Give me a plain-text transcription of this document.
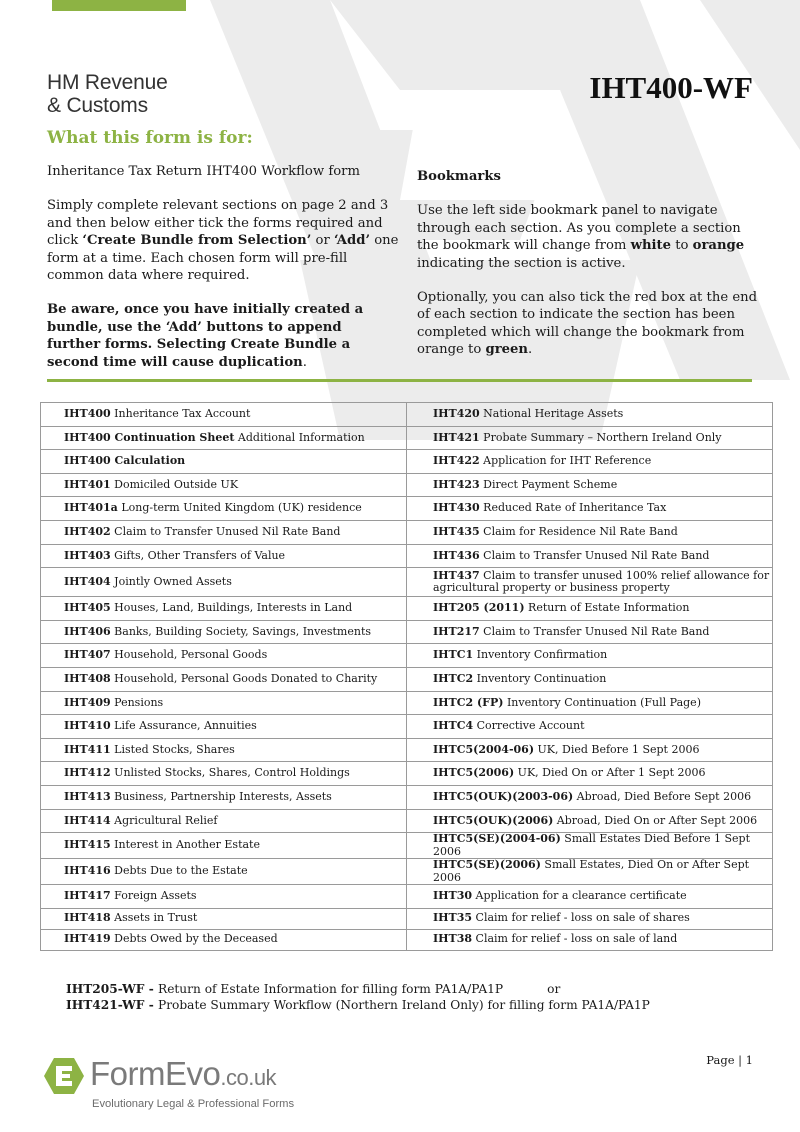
HM Revenue
& Customs
IHT400-WF
What this form is for:

Inheritance Tax Return IHT400 Workflow form

Simply complete relevant sections on page 2 and 3 and then below either tick the forms required and click ‘Create Bundle from Selection’ or ‘Add’ one form at a time. Each chosen form will pre-fill common data where required.

Be aware, once you have initially created a bundle, use the ‘Add’ buttons to append further forms. Selecting Create Bundle a second time will cause duplication.

Bookmarks

Use the left side bookmark panel to navigate through each section. As you complete a section the bookmark will change from white to orange indicating the section is active.

Optionally, you can also tick the red box at the end of each section to indicate the section has been completed which will change the bookmark from orange to green.

IHT400 Inheritance Tax Account	IHT420 National Heritage Assets
IHT400 Continuation Sheet Additional Information	IHT421 Probate Summary – Northern Ireland Only
IHT400 Calculation	IHT422 Application for IHT Reference
IHT401 Domiciled Outside UK	IHT423 Direct Payment Scheme
IHT401a Long-term United Kingdom (UK) residence	IHT430 Reduced Rate of Inheritance Tax
IHT402 Claim to Transfer Unused Nil Rate Band	IHT435 Claim for Residence Nil Rate Band
IHT403 Gifts, Other Transfers of Value	IHT436 Claim to Transfer Unused Nil Rate Band
IHT404 Jointly Owned Assets	IHT437 Claim to transfer unused 100% relief allowance for agricultural property or business property
IHT405 Houses, Land, Buildings, Interests in Land	IHT205 (2011) Return of Estate Information
IHT406 Banks, Building Society, Savings, Investments	IHT217 Claim to Transfer Unused Nil Rate Band
IHT407 Household, Personal Goods	IHTC1 Inventory Confirmation
IHT408 Household, Personal Goods Donated to Charity	IHTC2 Inventory Continuation
IHT409 Pensions	IHTC2 (FP) Inventory Continuation (Full Page)
IHT410 Life Assurance, Annuities	IHTC4 Corrective Account
IHT411 Listed Stocks, Shares	IHTC5(2004-06) UK, Died Before 1 Sept 2006
IHT412 Unlisted Stocks, Shares, Control Holdings	IHTC5(2006) UK, Died On or After 1 Sept 2006
IHT413 Business, Partnership Interests, Assets	IHTC5(OUK)(2003-06) Abroad, Died Before Sept 2006
IHT414 Agricultural Relief	IHTC5(OUK)(2006) Abroad, Died On or After Sept 2006
IHT415 Interest in Another Estate	IHTC5(SE)(2004-06) Small Estates Died Before 1 Sept 2006
IHT416 Debts Due to the Estate	IHTC5(SE)(2006) Small Estates, Died On or After Sept 2006
IHT417 Foreign Assets	IHT30 Application for a clearance certificate
IHT418 Assets in Trust	IHT35 Claim for relief - loss on sale of shares
IHT419 Debts Owed by the Deceased	IHT38 Claim for relief - loss on sale of land
IHT205-WF - Return of Estate Information for filling form PA1A/PA1P	or
IHT421-WF - Probate Summary Workflow (Northern Ireland Only) for filling form PA1A/PA1P
FormEvo.co.uk
Evolutionary Legal & Professional Forms
Page | 1
